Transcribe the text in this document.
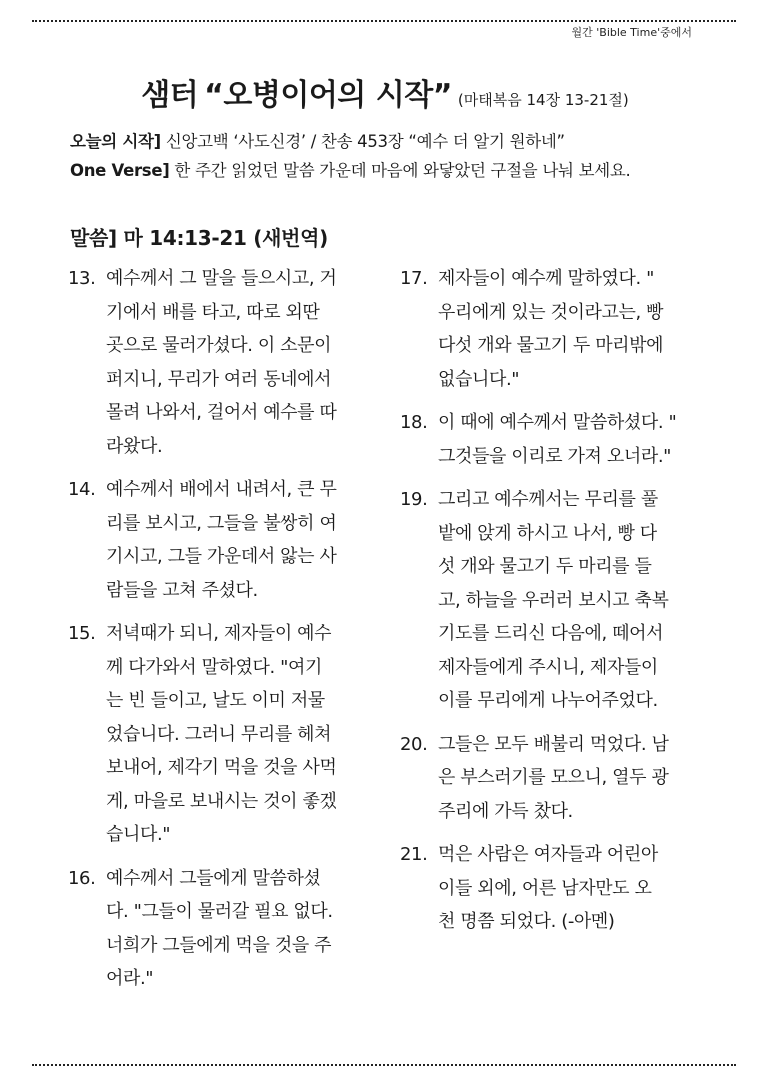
월간 'Bible Time'중에서
샘터 “오병이어의 시작” (마태복음 14장 13-21절)
오늘의 시작] 신앙고백 ‘사도신경’ / 찬송 453장 “예수 더 알기 원하네”
One Verse] 한 주간 읽었던 말씀 가운데 마음에 와닿았던 구절을 나눠 보세요.
말씀] 마 14:13-21 (새번역)
13. 예수께서 그 말을 들으시고, 거
기에서 배를 타고, 따로 외딴
곳으로 물러가셨다. 이 소문이
퍼지니, 무리가 여러 동네에서
몰려 나와서, 걸어서 예수를 따
라왔다.
14. 예수께서 배에서 내려서, 큰 무
리를 보시고, 그들을 불쌍히 여
기시고, 그들 가운데서 앓는 사
람들을 고쳐 주셨다.
15. 저녁때가 되니, 제자들이 예수
께 다가와서 말하였다. "여기
는 빈 들이고, 날도 이미 저물
었습니다. 그러니 무리를 헤쳐
보내어, 제각기 먹을 것을 사먹
게, 마을로 보내시는 것이 좋겠
습니다."
16. 예수께서 그들에게 말씀하셨
다. "그들이 물러갈 필요 없다.
너희가 그들에게 먹을 것을 주
어라."
17. 제자들이 예수께 말하였다. "
우리에게 있는 것이라고는, 빵
다섯 개와 물고기 두 마리밖에
없습니다."
18. 이 때에 예수께서 말씀하셨다. "
그것들을 이리로 가져 오너라."
19. 그리고 예수께서는 무리를 풀
밭에 앉게 하시고 나서, 빵 다
섯 개와 물고기 두 마리를 들
고, 하늘을 우러러 보시고 축복
기도를 드리신 다음에, 떼어서
제자들에게 주시니, 제자들이
이를 무리에게 나누어주었다.
20. 그들은 모두 배불리 먹었다. 남
은 부스러기를 모으니, 열두 광
주리에 가득 찼다.
21. 먹은 사람은 여자들과 어린아
이들 외에, 어른 남자만도 오
천 명쯤 되었다. (-아멘)
